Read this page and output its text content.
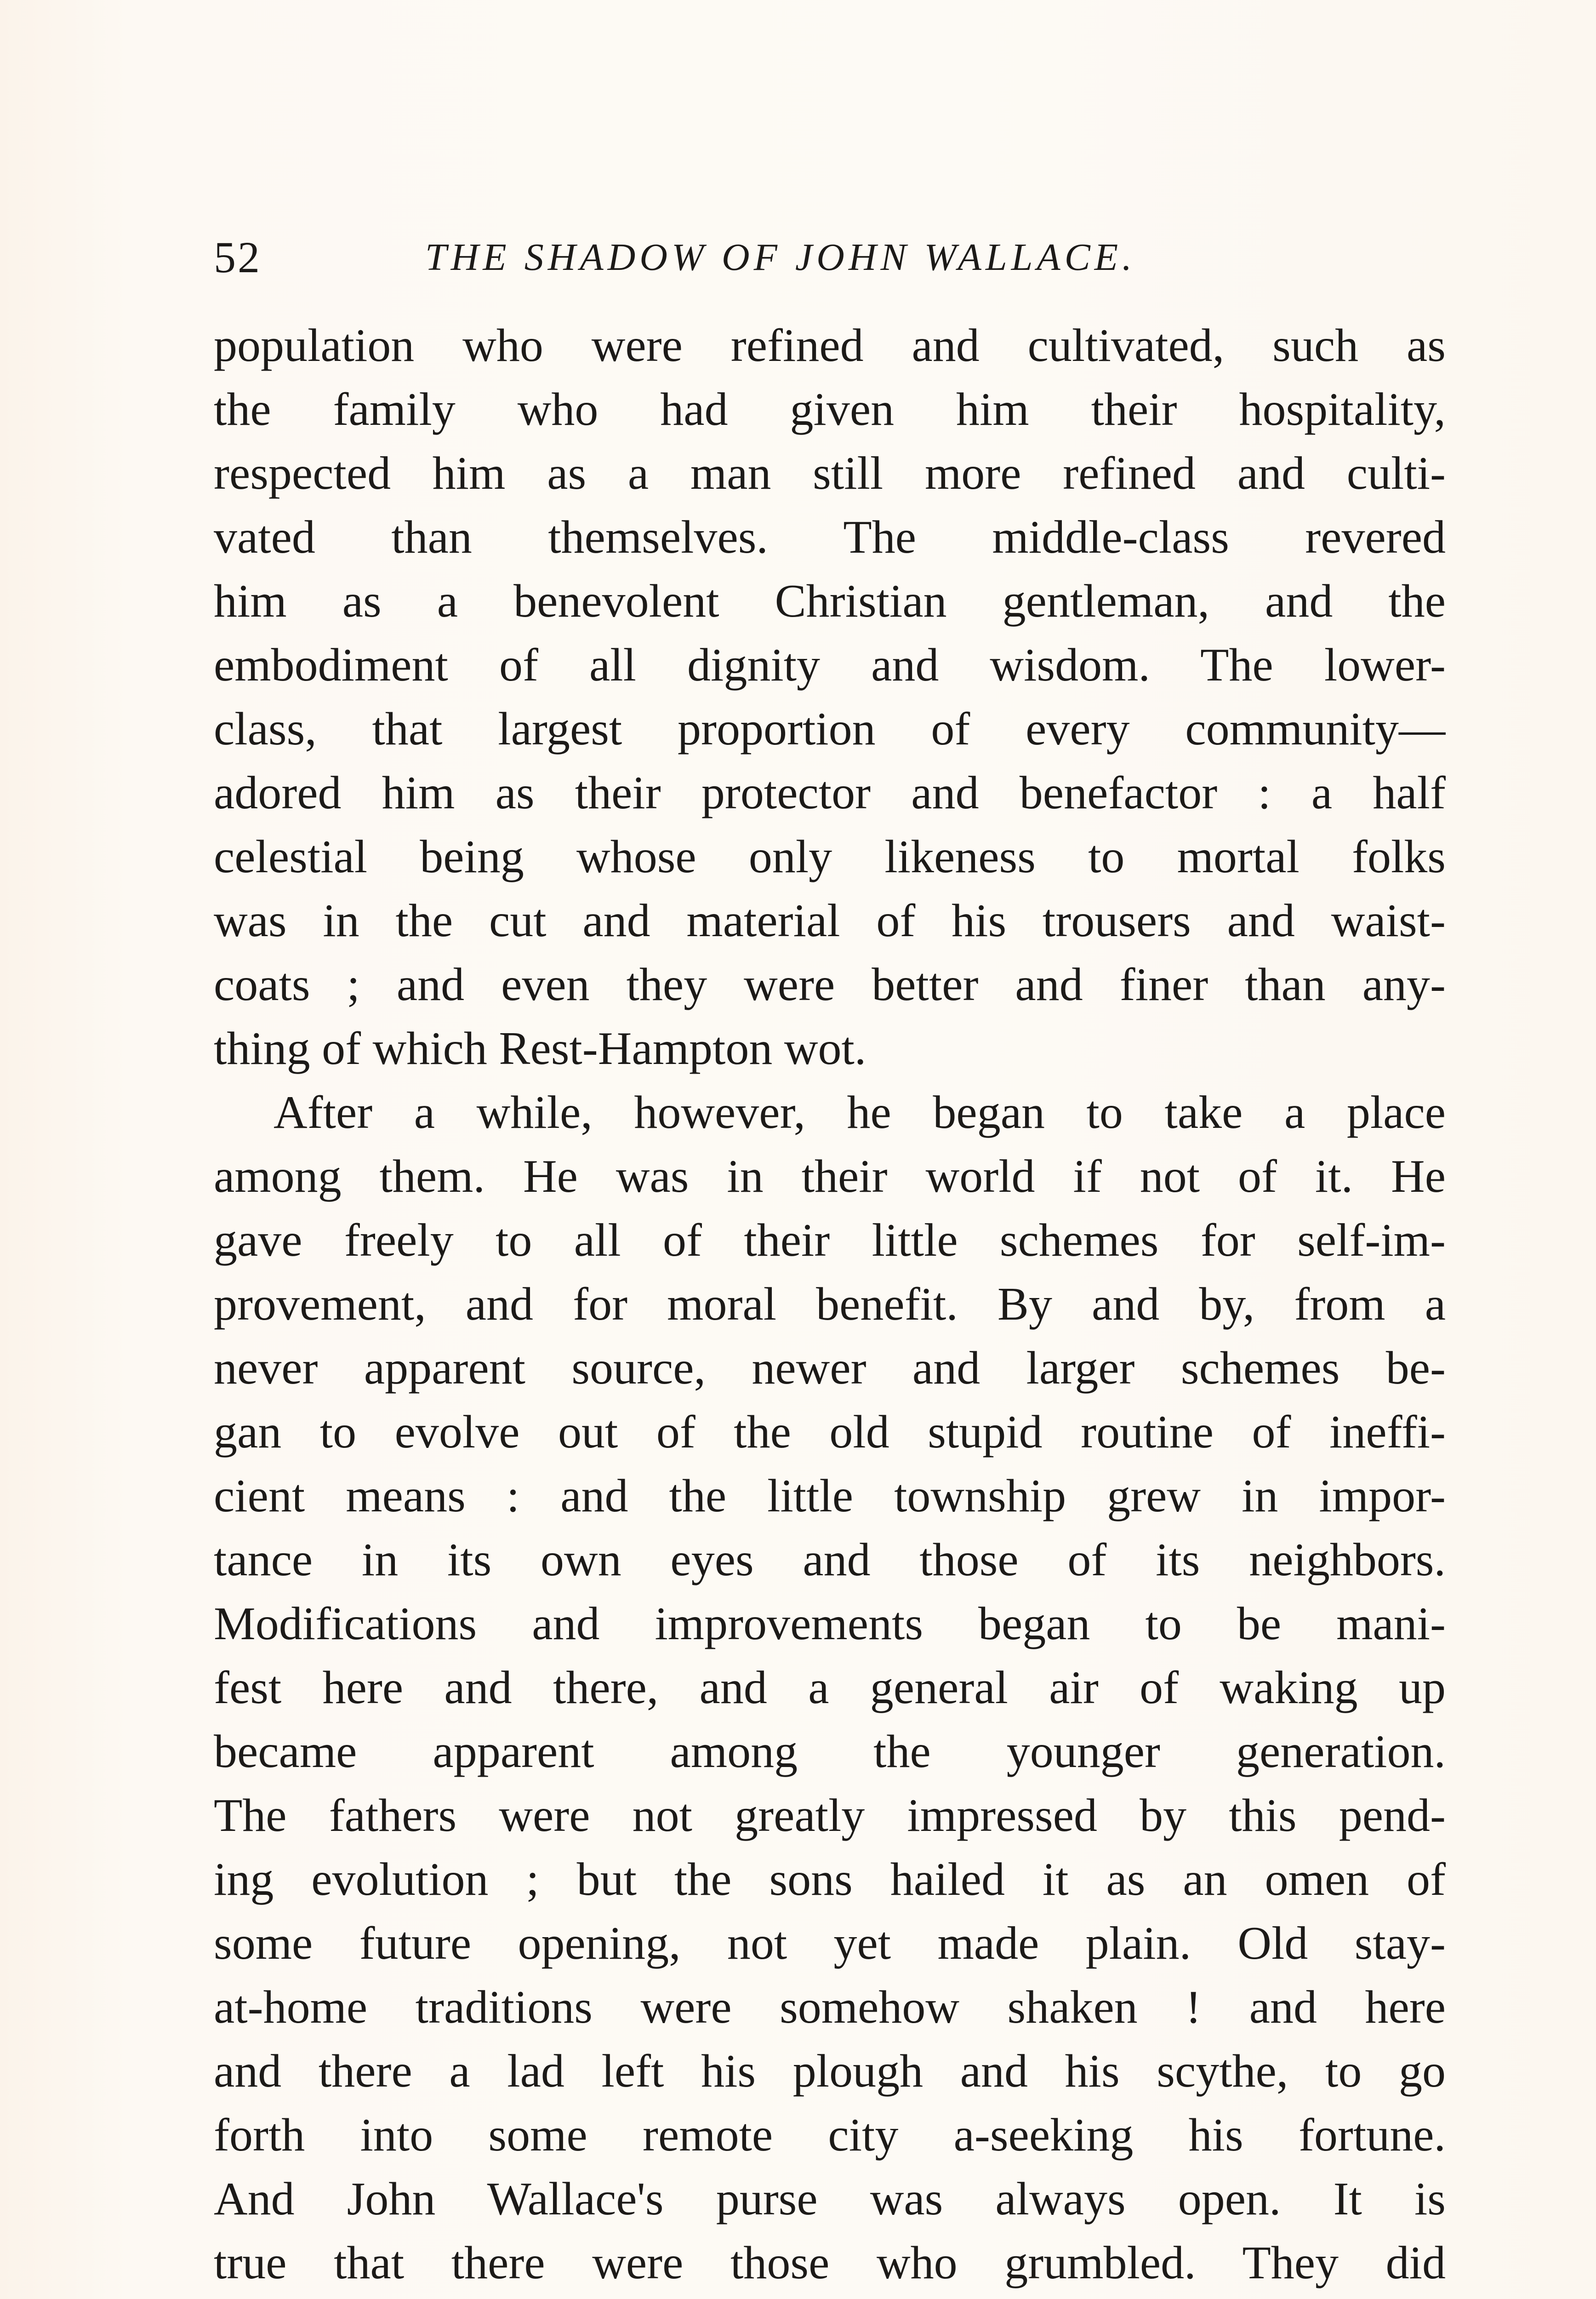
52	THE SHADOW OF JOHN WALLACE.
population who were refined and cultivated, such as
the family who had given him their hospitality,
respected him as a man still more refined and culti-
vated than themselves. The middle-class revered
him as a benevolent Christian gentleman, and the
embodiment of all dignity and wisdom. The lower-
class, that largest proportion of every community—
adored him as their protector and benefactor : a half
celestial being whose only likeness to mortal folks
was in the cut and material of his trousers and waist-
coats ; and even they were better and finer than any-
thing of which Rest-Hampton wot.
After a while, however, he began to take a place
among them. He was in their world if not of it. He
gave freely to all of their little schemes for self-im-
provement, and for moral benefit. By and by, from a
never apparent source, newer and larger schemes be-
gan to evolve out of the old stupid routine of ineffi-
cient means : and the little township grew in impor-
tance in its own eyes and those of its neighbors.
Modifications and improvements began to be mani-
fest here and there, and a general air of waking up
became apparent among the younger generation.
The fathers were not greatly impressed by this pend-
ing evolution ; but the sons hailed it as an omen of
some future opening, not yet made plain. Old stay-
at-home traditions were somehow shaken ! and here
and there a lad left his plough and his scythe, to go
forth into some remote city a-seeking his fortune.
And John Wallace's purse was always open. It is
true that there were those who grumbled. They did
